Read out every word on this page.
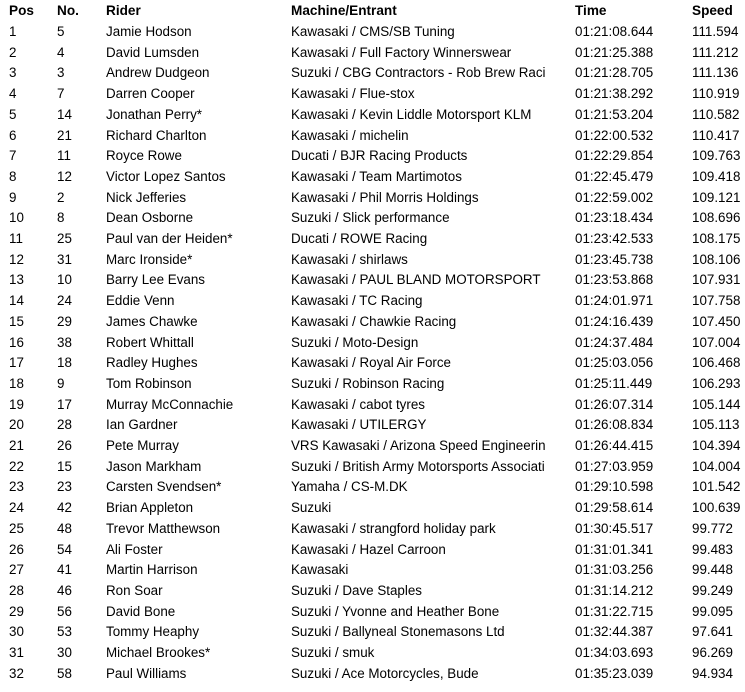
Pos	No.	Rider	Machine/Entrant	Time	Speed
1	5	Jamie Hodson	Kawasaki / CMS/SB Tuning	01:21:08.644	111.594
2	4	David Lumsden	Kawasaki / Full Factory Winnerswear	01:21:25.388	111.212
3	3	Andrew Dudgeon	Suzuki / CBG Contractors - Rob Brew Raci	01:21:28.705	111.136
4	7	Darren Cooper	Kawasaki / Flue-stox	01:21:38.292	110.919
5	14	Jonathan Perry*	Kawasaki / Kevin Liddle Motorsport KLM	01:21:53.204	110.582
6	21	Richard Charlton	Kawasaki / michelin	01:22:00.532	110.417
7	11	Royce Rowe	Ducati / BJR Racing Products	01:22:29.854	109.763
8	12	Victor Lopez Santos	Kawasaki / Team Martimotos	01:22:45.479	109.418
9	2	Nick Jefferies	Kawasaki / Phil Morris Holdings	01:22:59.002	109.121
10	8	Dean Osborne	Suzuki / Slick performance	01:23:18.434	108.696
11	25	Paul van der Heiden*	Ducati / ROWE Racing	01:23:42.533	108.175
12	31	Marc Ironside*	Kawasaki / shirlaws	01:23:45.738	108.106
13	10	Barry Lee Evans	Kawasaki / PAUL BLAND MOTORSPORT	01:23:53.868	107.931
14	24	Eddie Venn	Kawasaki / TC Racing	01:24:01.971	107.758
15	29	James Chawke	Kawasaki / Chawkie Racing	01:24:16.439	107.450
16	38	Robert Whittall	Suzuki / Moto-Design	01:24:37.484	107.004
17	18	Radley Hughes	Kawasaki / Royal Air Force	01:25:03.056	106.468
18	9	Tom Robinson	Suzuki / Robinson Racing	01:25:11.449	106.293
19	17	Murray McConnachie	Kawasaki / cabot tyres	01:26:07.314	105.144
20	28	Ian Gardner	Kawasaki / UTILERGY	01:26:08.834	105.113
21	26	Pete Murray	VRS Kawasaki / Arizona Speed Engineerin	01:26:44.415	104.394
22	15	Jason Markham	Suzuki / British Army Motorsports Associati	01:27:03.959	104.004
23	23	Carsten Svendsen*	Yamaha / CS-M.DK	01:29:10.598	101.542
24	42	Brian Appleton	Suzuki	01:29:58.614	100.639
25	48	Trevor Matthewson	Kawasaki / strangford holiday park	01:30:45.517	99.772
26	54	Ali Foster	Kawasaki / Hazel Carroon	01:31:01.341	99.483
27	41	Martin Harrison	Kawasaki	01:31:03.256	99.448
28	46	Ron Soar	Suzuki / Dave Staples	01:31:14.212	99.249
29	56	David Bone	Suzuki / Yvonne and Heather Bone	01:31:22.715	99.095
30	53	Tommy Heaphy	Suzuki / Ballyneal Stonemasons Ltd	01:32:44.387	97.641
31	30	Michael Brookes*	Suzuki / smuk	01:34:03.693	96.269
32	58	Paul Williams	Suzuki / Ace Motorcycles, Bude	01:35:23.039	94.934
